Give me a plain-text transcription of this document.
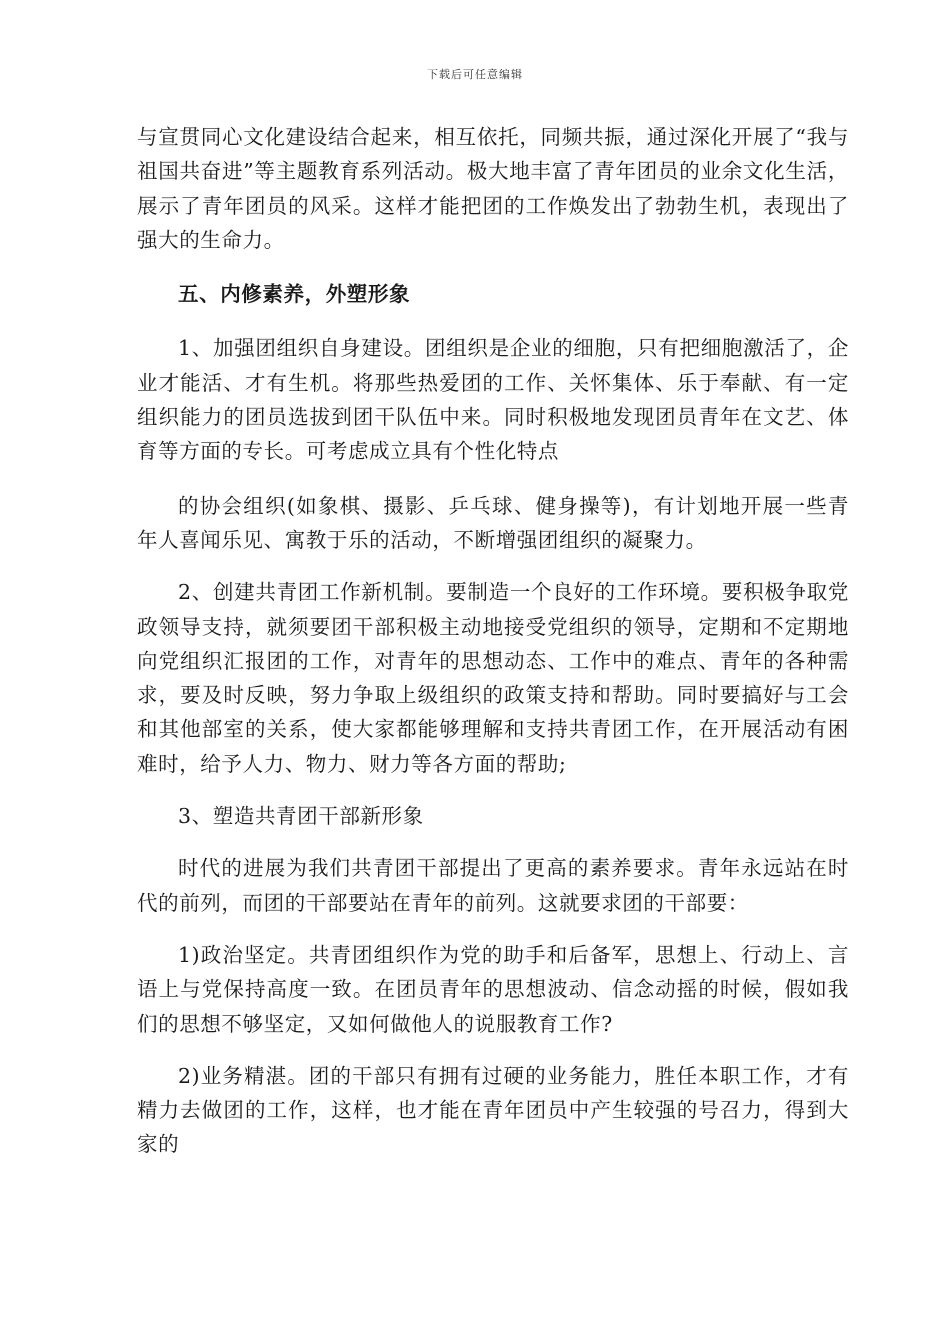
下载后可任意编辑

与宣贯同心文化建设结合起来，相互依托，同频共振，通过深化开展了“我与祖国共奋进”等主题教育系列活动。极大地丰富了青年团员的业余文化生活，展示了青年团员的风采。这样才能把团的工作焕发出了勃勃生机，表现出了强大的生命力。

五、内修素养，外塑形象

1、加强团组织自身建设。团组织是企业的细胞，只有把细胞激活了，企业才能活、才有生机。将那些热爱团的工作、关怀集体、乐于奉献、有一定组织能力的团员选拔到团干队伍中来。同时积极地发现团员青年在文艺、体育等方面的专长。可考虑成立具有个性化特点

的协会组织(如象棋、摄影、乒乓球、健身操等)，有计划地开展一些青年人喜闻乐见、寓教于乐的活动，不断增强团组织的凝聚力。

2、创建共青团工作新机制。要制造一个良好的工作环境。要积极争取党政领导支持，就须要团干部积极主动地接受党组织的领导，定期和不定期地向党组织汇报团的工作，对青年的思想动态、工作中的难点、青年的各种需求，要及时反映，努力争取上级组织的政策支持和帮助。同时要搞好与工会和其他部室的关系，使大家都能够理解和支持共青团工作，在开展活动有困难时，给予人力、物力、财力等各方面的帮助;

3、塑造共青团干部新形象

时代的进展为我们共青团干部提出了更高的素养要求。青年永远站在时代的前列，而团的干部要站在青年的前列。这就要求团的干部要：

1)政治坚定。共青团组织作为党的助手和后备军，思想上、行动上、言语上与党保持高度一致。在团员青年的思想波动、信念动摇的时候，假如我们的思想不够坚定，又如何做他人的说服教育工作?

2)业务精湛。团的干部只有拥有过硬的业务能力，胜任本职工作，才有精力去做团的工作，这样，也才能在青年团员中产生较强的号召力，得到大家的
